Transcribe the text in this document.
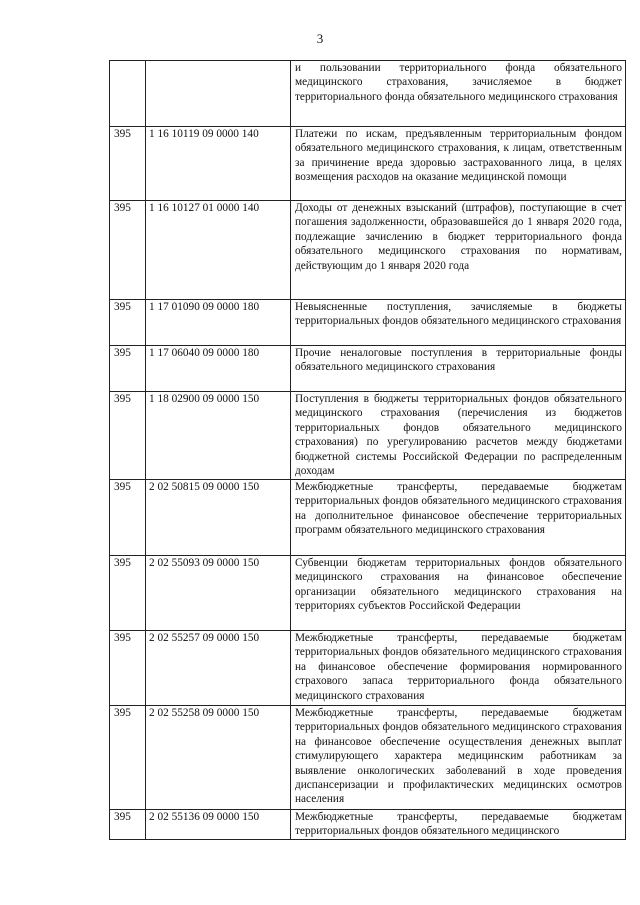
3
		и пользовании территориального фонда обязательного медицинского страхования, зачисляемое в бюджет территориального фонда обязательного медицинского страхования
395	1 16 10119 09 0000 140	Платежи по искам, предъявленным территориальным фондом обязательного медицинского страхования, к лицам, ответственным за причинение вреда здоровью застрахованного лица, в целях возмещения расходов на оказание медицинской помощи
395	1 16 10127 01 0000 140	Доходы от денежных взысканий (штрафов), поступающие в счет погашения задолженности, образовавшейся до 1 января 2020 года, подлежащие зачислению в бюджет территориального фонда обязательного медицинского страхования по нормативам, действующим до 1 января 2020 года
395	1 17 01090 09 0000 180	Невыясненные поступления, зачисляемые в бюджеты территориальных фондов обязательного медицинского страхования
395	1 17 06040 09 0000 180	Прочие неналоговые поступления в территориальные фонды обязательного медицинского страхования
395	1 18 02900 09 0000 150	Поступления в бюджеты территориальных фондов обязательного медицинского страхования (перечисления из бюджетов территориальных фондов обязательного медицинского страхования) по урегулированию расчетов между бюджетами бюджетной системы Российской Федерации по распределенным доходам
395	2 02 50815 09 0000 150	Межбюджетные трансферты, передаваемые бюджетам территориальных фондов обязательного медицинского страхования на дополнительное финансовое обеспечение территориальных программ обязательного медицинского страхования
395	2 02 55093 09 0000 150	Субвенции бюджетам территориальных фондов обязательного медицинского страхования на финансовое обеспечение организации обязательного медицинского страхования на территориях субъектов Российской Федерации
395	2 02 55257 09 0000 150	Межбюджетные трансферты, передаваемые бюджетам территориальных фондов обязательного медицинского страхования на финансовое обеспечение формирования нормированного страхового запаса территориального фонда обязательного медицинского страхования
395	2 02 55258 09 0000 150	Межбюджетные трансферты, передаваемые бюджетам территориальных фондов обязательного медицинского страхования на финансовое обеспечение осуществления денежных выплат стимулирующего характера медицинским работникам за выявление онкологических заболеваний в ходе проведения диспансеризации и профилактических медицинских осмотров населения
395	2 02 55136 09 0000 150	Межбюджетные трансферты, передаваемые бюджетам территориальных фондов обязательного медицинского
